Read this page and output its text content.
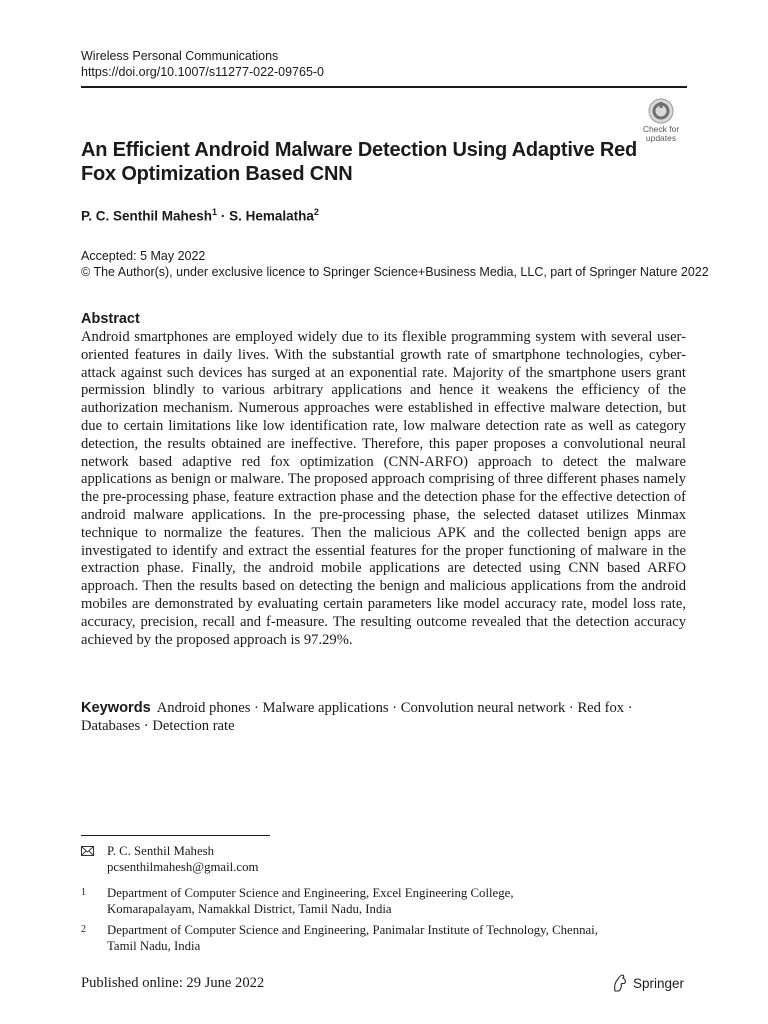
Wireless Personal Communications
https://doi.org/10.1007/s11277-022-09765-0
Check for
updates
An Efficient Android Malware Detection Using Adaptive Red Fox Optimization Based CNN
P. C. Senthil Mahesh$^1$ · S. Hemalatha$^2$
Accepted: 5 May 2022
© The Author(s), under exclusive licence to Springer Science+Business Media, LLC, part of Springer Nature 2022
Abstract
Android smartphones are employed widely due to its flexible programming system with several user-oriented features in daily lives. With the substantial growth rate of smartphone technologies, cyber-attack against such devices has surged at an exponential rate. Majority of the smartphone users grant permission blindly to various arbitrary applications and hence it weakens the efficiency of the authorization mechanism. Numerous approaches were established in effective malware detection, but due to certain limitations like low identification rate, low malware detection rate as well as category detection, the results obtained are ineffective. Therefore, this paper proposes a convolutional neural network based adaptive red fox optimization (CNN-ARFO) approach to detect the malware applications as benign or malware. The proposed approach comprising of three different phases namely the pre-processing phase, feature extraction phase and the detection phase for the effective detection of android malware applications. In the pre-processing phase, the selected dataset utilizes Minmax technique to normalize the features. Then the malicious APK and the collected benign apps are investigated to identify and extract the essential features for the proper functioning of malware in the extraction phase. Finally, the android mobile applications are detected using CNN based ARFO approach. Then the results based on detecting the benign and malicious applications from the android mobiles are demonstrated by evaluating certain parameters like model accuracy rate, model loss rate, accuracy, precision, recall and f-measure. The resulting outcome revealed that the detection accuracy achieved by the proposed approach is 97.29%.
Keywords Android phones · Malware applications · Convolution neural network · Red fox · Databases · Detection rate
P. C. Senthil Mahesh
pcsenthilmahesh@gmail.com
1 Department of Computer Science and Engineering, Excel Engineering College,
Komarapalayam, Namakkal District, Tamil Nadu, India
2 Department of Computer Science and Engineering, Panimalar Institute of Technology, Chennai,
Tamil Nadu, India
Published online: 29 June 2022	Springer
